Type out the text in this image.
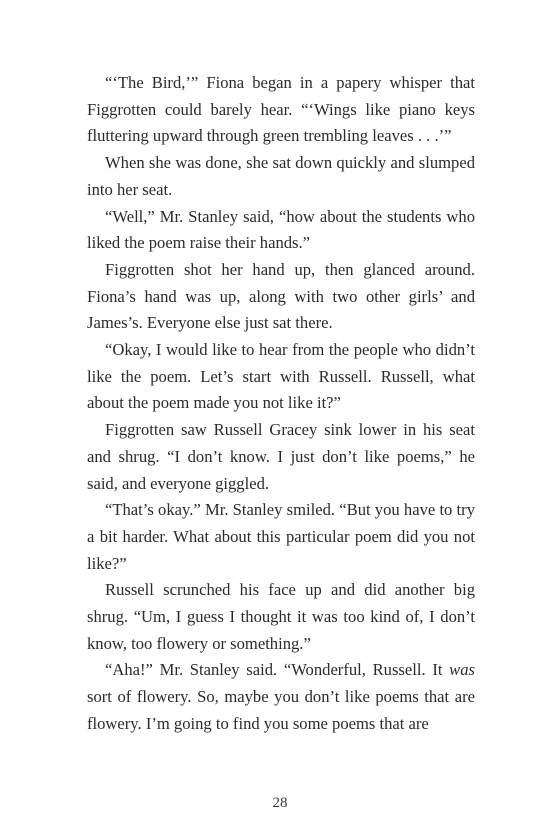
“‘The Bird,’” Fiona began in a papery whisper that Figgrotten could barely hear. “‘Wings like piano keys fluttering upward through green trembling leaves . . .’”

When she was done, she sat down quickly and slumped into her seat.

“Well,” Mr. Stanley said, “how about the students who liked the poem raise their hands.”

Figgrotten shot her hand up, then glanced around. Fiona’s hand was up, along with two other girls’ and James’s. Everyone else just sat there.

“Okay, I would like to hear from the people who didn’t like the poem. Let’s start with Russell. Russell, what about the poem made you not like it?”

Figgrotten saw Russell Gracey sink lower in his seat and shrug. “I don’t know. I just don’t like poems,” he said, and everyone giggled.

“That’s okay.” Mr. Stanley smiled. “But you have to try a bit harder. What about this particular poem did you not like?”

Russell scrunched his face up and did another big shrug. “Um, I guess I thought it was too kind of, I don’t know, too flowery or something.”

“Aha!” Mr. Stanley said. “Wonderful, Russell. It was sort of flowery. So, maybe you don’t like poems that are flowery. I’m going to find you some poems that are

28
